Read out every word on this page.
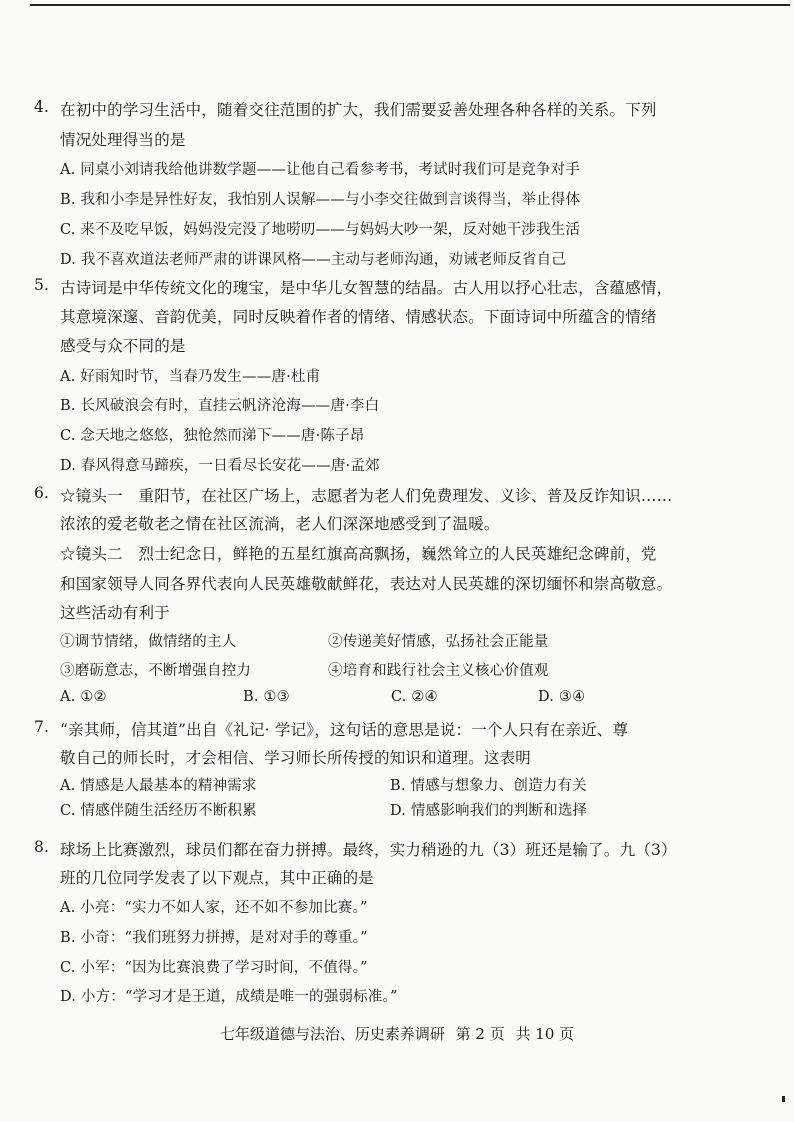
4. 在初中的学习生活中，随着交往范围的扩大，我们需要妥善处理各种各样的关系。下列
情况处理得当的是
A. 同桌小刘请我给他讲数学题——让他自己看参考书，考试时我们可是竞争对手
B. 我和小李是异性好友，我怕别人误解——与小李交往做到言谈得当，举止得体
C. 来不及吃早饭，妈妈没完没了地唠叨——与妈妈大吵一架，反对她干涉我生活
D. 我不喜欢道法老师严肃的讲课风格——主动与老师沟通，劝诫老师反省自己
5. 古诗词是中华传统文化的瑰宝，是中华儿女智慧的结晶。古人用以抒心壮志，含蕴感情，
其意境深邃、音韵优美，同时反映着作者的情绪、情感状态。下面诗词中所蕴含的情绪
感受与众不同的是
A. 好雨知时节，当春乃发生——唐·杜甫
B. 长风破浪会有时，直挂云帆济沧海——唐·李白
C. 念天地之悠悠，独怆然而涕下——唐·陈子昂
D. 春风得意马蹄疾，一日看尽长安花——唐·孟郊
6. ☆镜头一　重阳节，在社区广场上，志愿者为老人们免费理发、义诊、普及反诈知识……
浓浓的爱老敬老之情在社区流淌，老人们深深地感受到了温暖。
☆镜头二　烈士纪念日，鲜艳的五星红旗高高飘扬，巍然耸立的人民英雄纪念碑前，党
和国家领导人同各界代表向人民英雄敬献鲜花，表达对人民英雄的深切缅怀和崇高敬意。
这些活动有利于
①调节情绪，做情绪的主人	②传递美好情感，弘扬社会正能量
③磨砺意志，不断增强自控力	④培育和践行社会主义核心价值观
A. ①②	B. ①③	C. ②④	D. ③④
7. “亲其师，信其道”出自《礼记· 学记》，这句话的意思是说：一个人只有在亲近、尊
敬自己的师长时，才会相信、学习师长所传授的知识和道理。这表明
A. 情感是人最基本的精神需求	B. 情感与想象力、创造力有关
C. 情感伴随生活经历不断积累	D. 情感影响我们的判断和选择
8. 球场上比赛激烈，球员们都在奋力拼搏。最终，实力稍逊的九（3）班还是输了。九（3）
班的几位同学发表了以下观点，其中正确的是
A. 小亮：“实力不如人家，还不如不参加比赛。”
B. 小奇：“我们班努力拼搏，是对对手的尊重。”
C. 小军：“因为比赛浪费了学习时间，不值得。”
D. 小方：“学习才是王道，成绩是唯一的强弱标准。”
七年级道德与法治、历史素养调研 第 2 页 共 10 页
